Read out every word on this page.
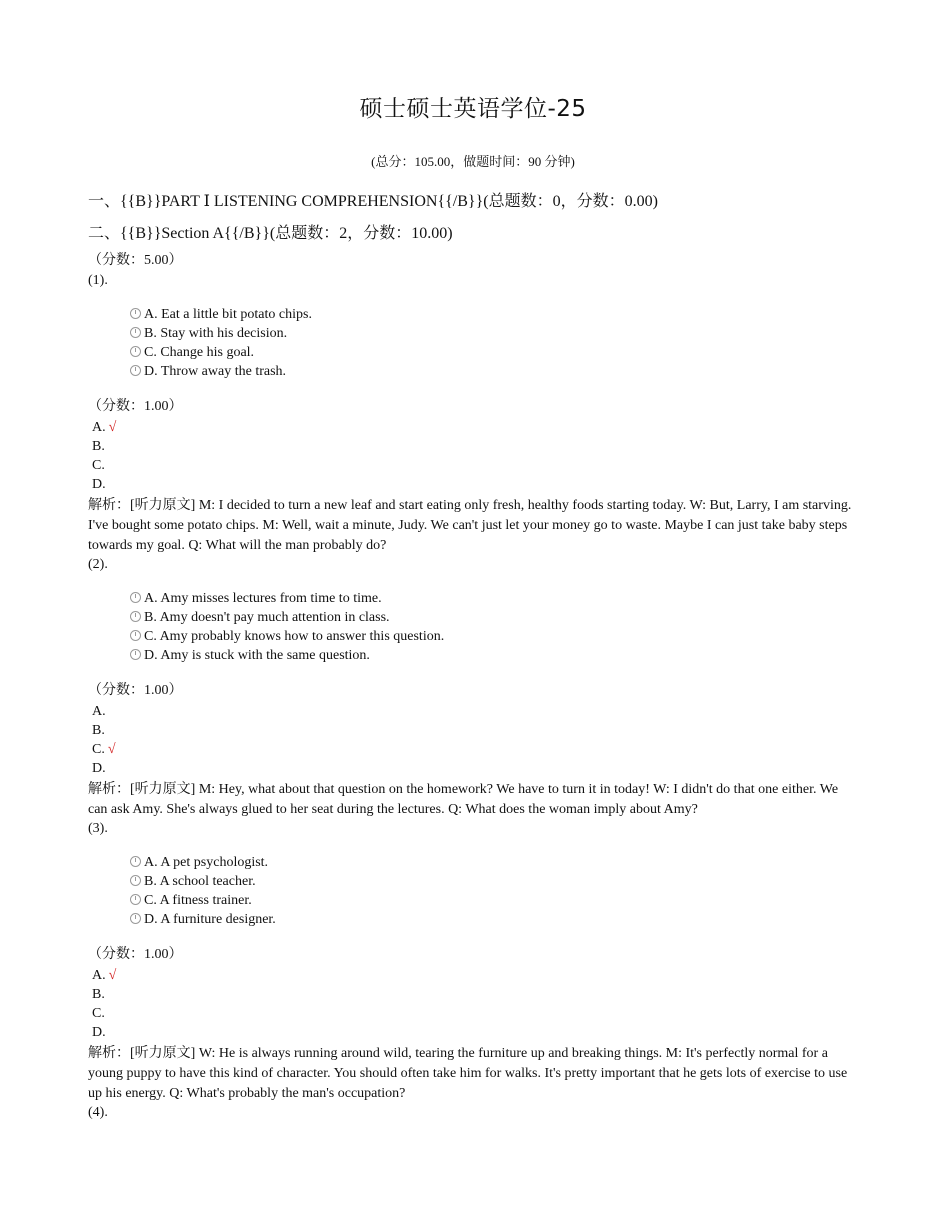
硕士硕士英语学位-25
(总分：105.00，做题时间：90 分钟)
一、{{B}}PART Ⅰ LISTENING COMPREHENSION{{/B}}(总题数：0，分数：0.00)
二、{{B}}Section A{{/B}}(总题数：2，分数：10.00)
（分数：5.00）
(1).
A. Eat a little bit potato chips.
B. Stay with his decision.
C. Change his goal.
D. Throw away the trash.
（分数：1.00）
A. √
B.
C.
D.
解析：[听力原文] M: I decided to turn a new leaf and start eating only fresh, healthy foods starting today. W: But, Larry, I am starving. I've bought some potato chips. M: Well, wait a minute, Judy. We can't just let your money go to waste. Maybe I can just take baby steps towards my goal. Q: What will the man probably do?
(2).
A. Amy misses lectures from time to time.
B. Amy doesn't pay much attention in class.
C. Amy probably knows how to answer this question.
D. Amy is stuck with the same question.
（分数：1.00）
A.
B.
C. √
D.
解析：[听力原文] M: Hey, what about that question on the homework? We have to turn it in today! W: I didn't do that one either. We can ask Amy. She's always glued to her seat during the lectures. Q: What does the woman imply about Amy?
(3).
A. A pet psychologist.
B. A school teacher.
C. A fitness trainer.
D. A furniture designer.
（分数：1.00）
A. √
B.
C.
D.
解析：[听力原文] W: He is always running around wild, tearing the furniture up and breaking things. M: It's perfectly normal for a young puppy to have this kind of character. You should often take him for walks. It's pretty important that he gets lots of exercise to use up his energy. Q: What's probably the man's occupation?
(4).
